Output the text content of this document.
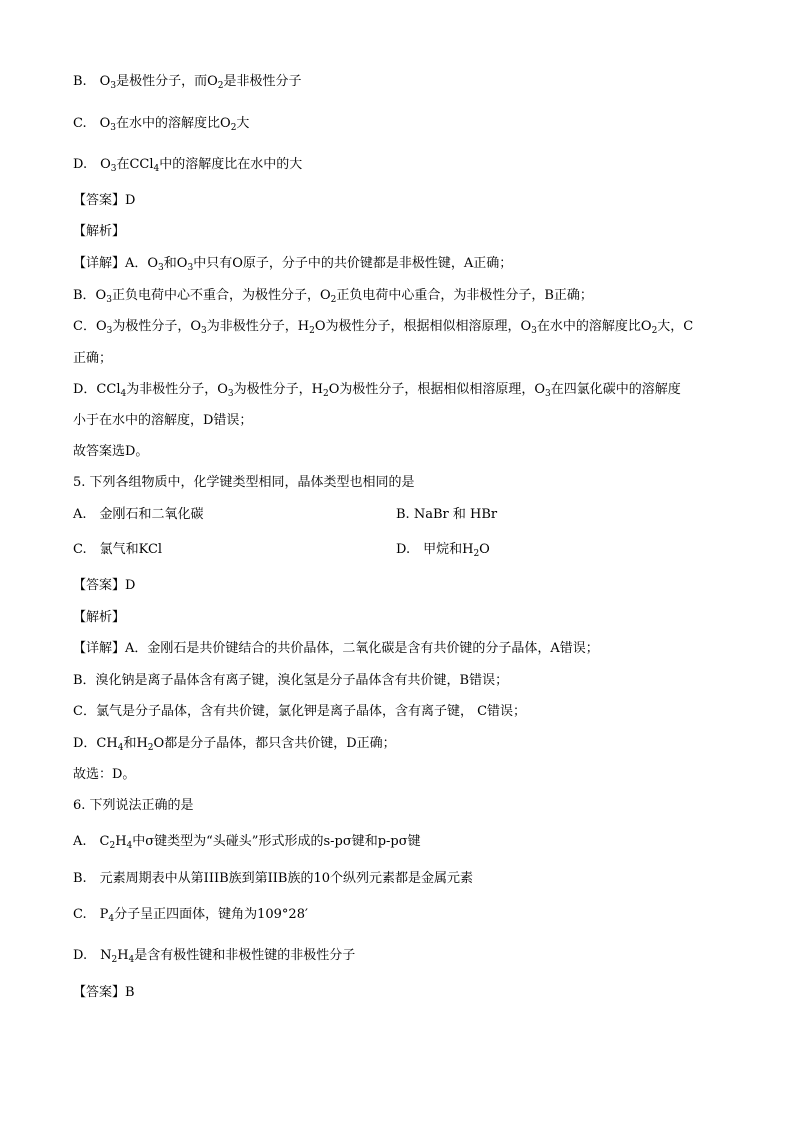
B. $O_3$是极性分子，而$O_2$是非极性分子
C. $O_3$在水中的溶解度比$O_2$大
D. $O_3$在CCl$_4$中的溶解度比在水中的大
【答案】D
【解析】
【详解】A．$O_3$和$O_3$中只有O原子，分子中的共价键都是非极性键，A正确；
B．$O_3$正负电荷中心不重合，为极性分子，$O_2$正负电荷中心重合，为非极性分子，B正确；
C．$O_3$为极性分子，$O_3$为非极性分子，$H_2O$为极性分子，根据相似相溶原理，$O_3$在水中的溶解度比$O_2$大，C
正确；
D．CCl$_4$为非极性分子，$O_3$为极性分子，$H_2O$为极性分子，根据相似相溶原理，$O_3$在四氯化碳中的溶解度
小于在水中的溶解度，D错误；
故答案选D。
5. 下列各组物质中，化学键类型相同，晶体类型也相同的是
A. 金刚石和二氧化碳	B. NaBr 和 HBr
C. 氯气和KCl	D. 甲烷和$H_2O$
【答案】D
【解析】
【详解】A．金刚石是共价键结合的共价晶体，二氧化碳是含有共价键的分子晶体，A错误；
B．溴化钠是离子晶体含有离子键，溴化氢是分子晶体含有共价键，B错误；
C．氯气是分子晶体，含有共价键，氯化钾是离子晶体，含有离子键， C错误；
D．$CH_4$和$H_2O$都是分子晶体，都只含共价键，D正确；
故选：D。
6. 下列说法正确的是
A. $C_2H_4$中σ键类型为“头碰头”形式形成的s-pσ键和p-pσ键
B. 元素周期表中从第IIIB族到第IIB族的10个纵列元素都是金属元素
C. $P_4$分子呈正四面体，键角为109°28′
D. $N_2H_4$是含有极性键和非极性键的非极性分子
【答案】B
